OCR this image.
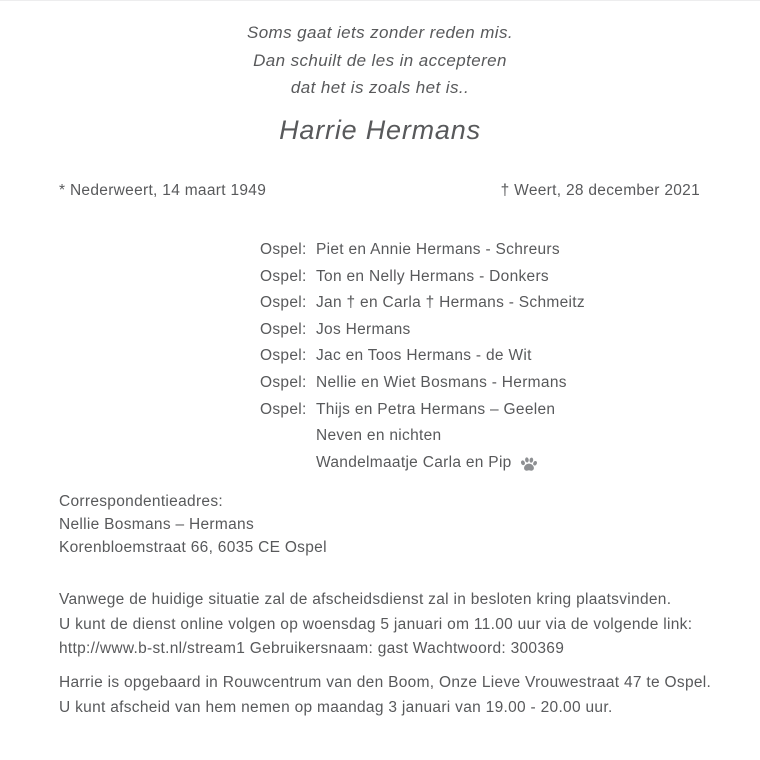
Soms gaat iets zonder reden mis.
Dan schuilt de les in accepteren
dat het is zoals het is..
Harrie Hermans
* Nederweert, 14 maart 1949	† Weert, 28 december 2021
Ospel: Piet en Annie Hermans - Schreurs
Ospel: Ton en Nelly Hermans - Donkers
Ospel: Jan † en Carla † Hermans - Schmeitz
Ospel: Jos Hermans
Ospel: Jac en Toos Hermans - de Wit
Ospel: Nellie en Wiet Bosmans - Hermans
Ospel: Thijs en Petra Hermans – Geelen
Neven en nichten
Wandelmaatje Carla en Pip
Correspondentieadres:
Nellie Bosmans – Hermans
Korenbloemstraat 66, 6035 CE Ospel
Vanwege de huidige situatie zal de afscheidsdienst zal in besloten kring plaatsvinden.
U kunt de dienst online volgen op woensdag 5 januari om 11.00 uur via de volgende link:
http://www.b-st.nl/stream1 Gebruikersnaam: gast Wachtwoord: 300369
Harrie is opgebaard in Rouwcentrum van den Boom, Onze Lieve Vrouwestraat 47 te Ospel.
U kunt afscheid van hem nemen op maandag 3 januari van 19.00 - 20.00 uur.
